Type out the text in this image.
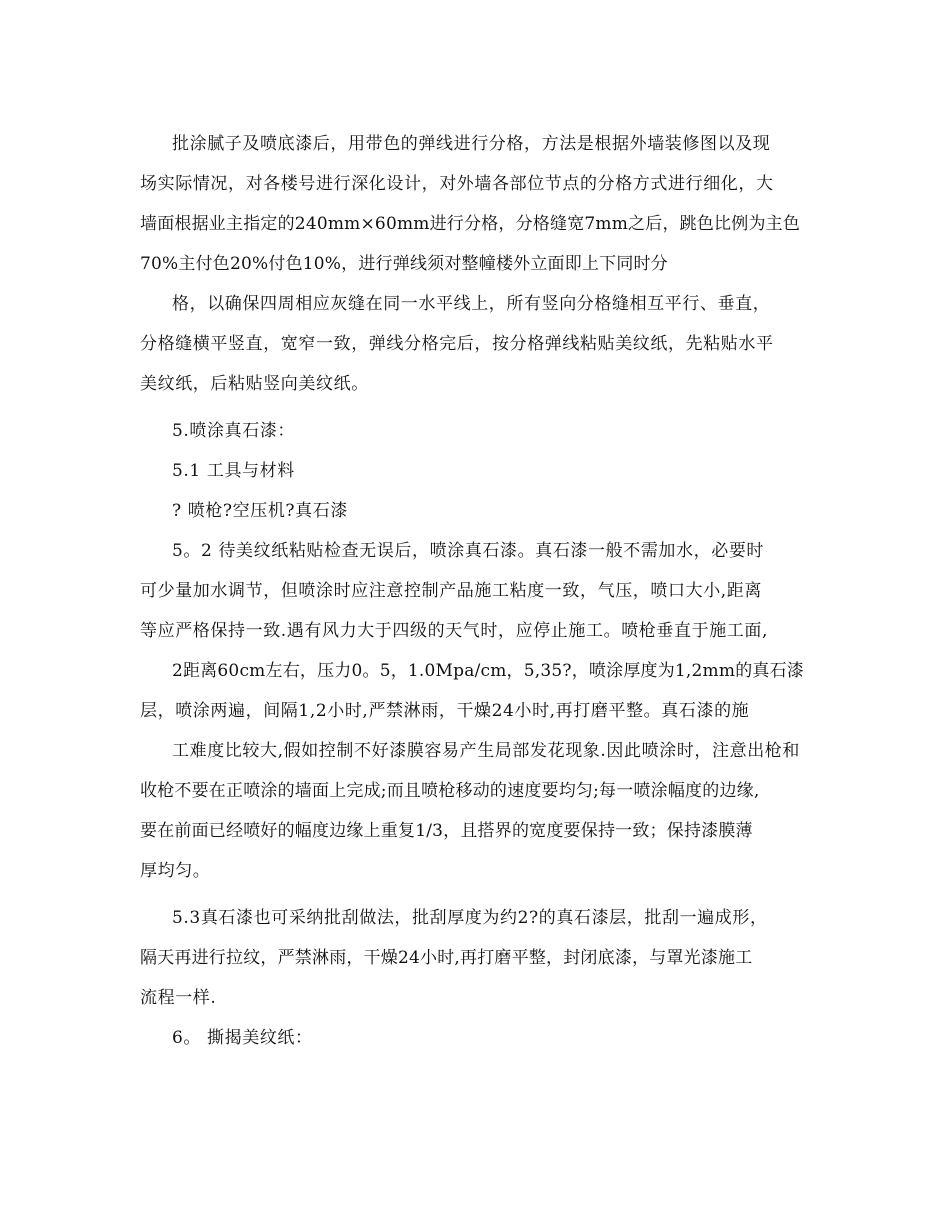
批涂腻子及喷底漆后，用带色的弹线进行分格，方法是根据外墙装修图以及现
场实际情况，对各楼号进行深化设计，对外墙各部位节点的分格方式进行细化，大
墙面根据业主指定的240mm×60mm进行分格，分格缝宽7mm之后，跳色比例为主色
70%主付色20%付色10%，进行弹线须对整幢楼外立面即上下同时分
格，以确保四周相应灰缝在同一水平线上，所有竖向分格缝相互平行、垂直，
分格缝横平竖直，宽窄一致，弹线分格完后，按分格弹线粘贴美纹纸，先粘贴水平
美纹纸，后粘贴竖向美纹纸。
5.喷涂真石漆：
5.1 工具与材料
? 喷枪?空压机?真石漆
5。2 待美纹纸粘贴检查无误后，喷涂真石漆。真石漆一般不需加水，必要时
可少量加水调节，但喷涂时应注意控制产品施工粘度一致，气压，喷口大小,距离
等应严格保持一致.遇有风力大于四级的天气时，应停止施工。喷枪垂直于施工面,
2距离60cm左右，压力0。5，1.0Mpa/cm，5,35?，喷涂厚度为1,2mm的真石漆
层，喷涂两遍，间隔1,2小时,严禁淋雨，干燥24小时,再打磨平整。真石漆的施
工难度比较大,假如控制不好漆膜容易产生局部发花现象.因此喷涂时，注意出枪和
收枪不要在正喷涂的墙面上完成;而且喷枪移动的速度要均匀;每一喷涂幅度的边缘,
要在前面已经喷好的幅度边缘上重复1/3，且搭界的宽度要保持一致；保持漆膜薄
厚均匀。
5.3真石漆也可采纳批刮做法，批刮厚度为约2?的真石漆层，批刮一遍成形，
隔天再进行拉纹，严禁淋雨，干燥24小时,再打磨平整，封闭底漆，与罩光漆施工
流程一样.
6。 撕揭美纹纸：
